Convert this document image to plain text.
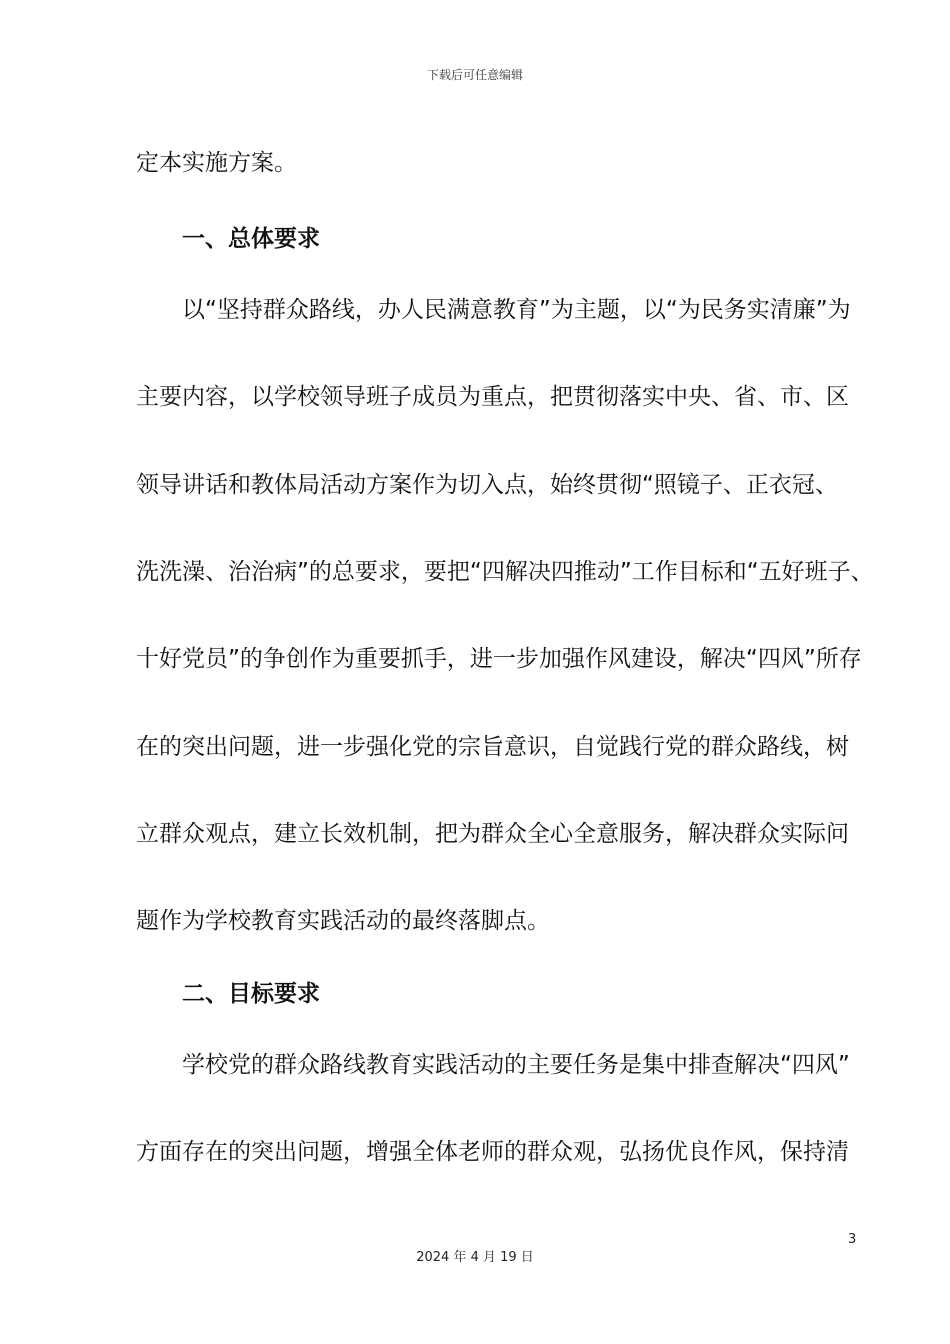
下载后可任意编辑
定本实施方案。
一、总体要求
以“坚持群众路线，办人民满意教育”为主题，以“为民务实清廉”为
主要内容，以学校领导班子成员为重点，把贯彻落实中央、省、市、区
领导讲话和教体局活动方案作为切入点，始终贯彻“照镜子、正衣冠、
洗洗澡、治治病”的总要求，要把“四解决四推动”工作目标和“五好班子、
十好党员”的争创作为重要抓手，进一步加强作风建设，解决“四风”所存
在的突出问题，进一步强化党的宗旨意识，自觉践行党的群众路线，树
立群众观点，建立长效机制，把为群众全心全意服务，解决群众实际问
题作为学校教育实践活动的最终落脚点。
二、目标要求
学校党的群众路线教育实践活动的主要任务是集中排查解决“四风”
方面存在的突出问题，增强全体老师的群众观，弘扬优良作风，保持清
3
2024 年 4 月 19 日
